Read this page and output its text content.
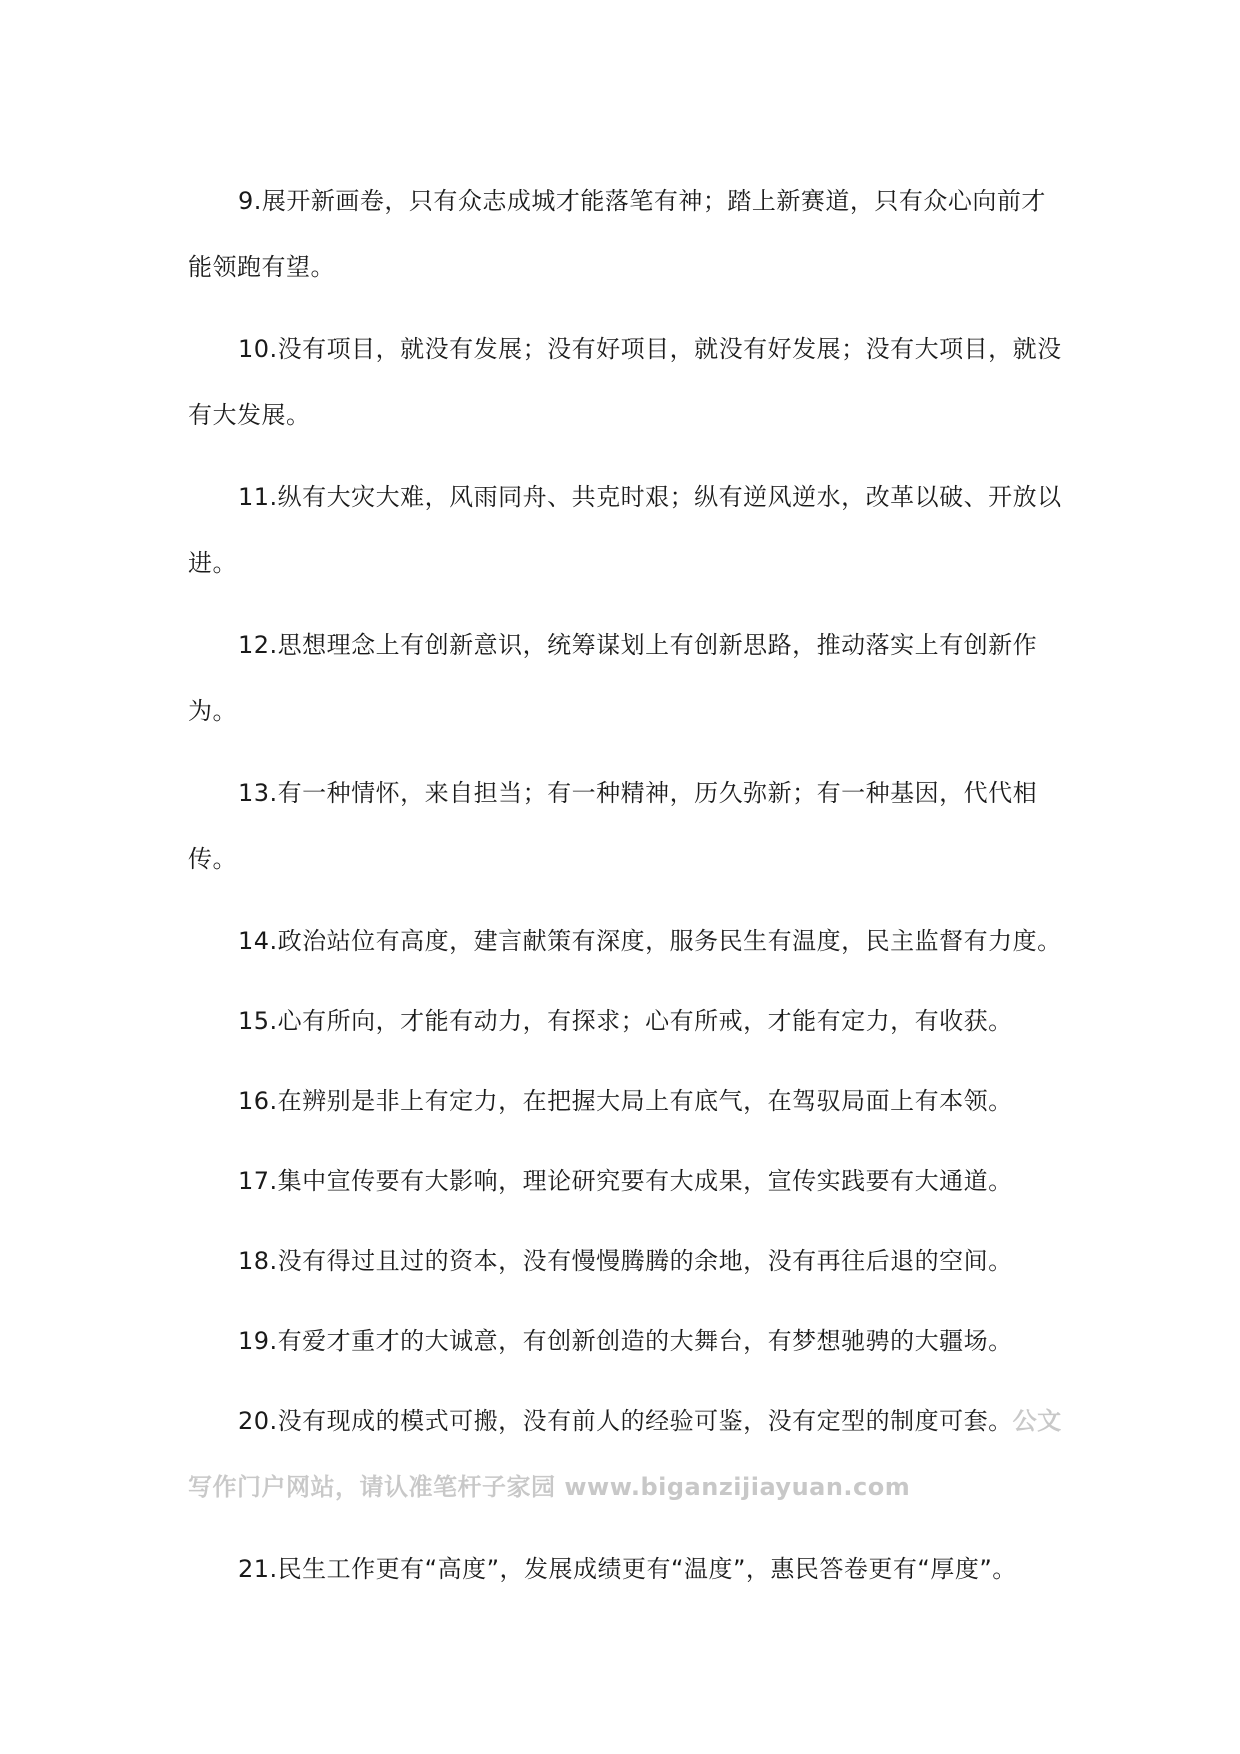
9.展开新画卷，只有众志成城才能落笔有神；踏上新赛道，只有众心向前才能领跑有望。

10.没有项目，就没有发展；没有好项目，就没有好发展；没有大项目，就没有大发展。

11.纵有大灾大难，风雨同舟、共克时艰；纵有逆风逆水，改革以破、开放以进。

12.思想理念上有创新意识，统筹谋划上有创新思路，推动落实上有创新作为。

13.有一种情怀，来自担当；有一种精神，历久弥新；有一种基因，代代相传。

14.政治站位有高度，建言献策有深度，服务民生有温度，民主监督有力度。

15.心有所向，才能有动力，有探求；心有所戒，才能有定力，有收获。

16.在辨别是非上有定力，在把握大局上有底气，在驾驭局面上有本领。

17.集中宣传要有大影响，理论研究要有大成果，宣传实践要有大通道。

18.没有得过且过的资本，没有慢慢腾腾的余地，没有再往后退的空间。

19.有爱才重才的大诚意，有创新创造的大舞台，有梦想驰骋的大疆场。

20.没有现成的模式可搬，没有前人的经验可鉴，没有定型的制度可套。公文写作门户网站，请认准笔杆子家园 www.biganzijiayuan.com

21.民生工作更有“高度”，发展成绩更有“温度”，惠民答卷更有“厚度”。
